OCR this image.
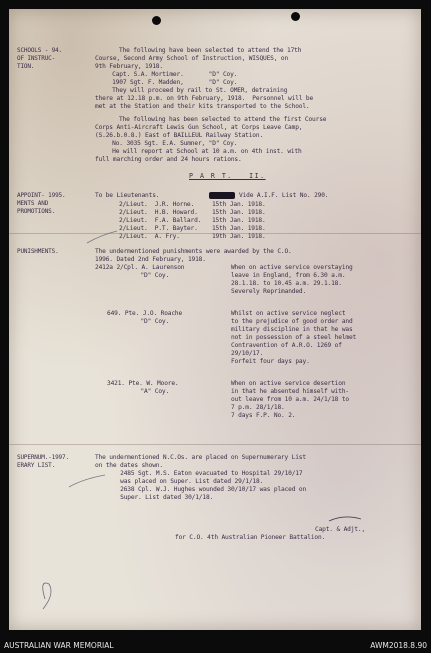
SCHOOLS - 94.
OF INSTRUC-
TION.
The following have been selected to attend the 17th
Course, Second Army School of Instruction, WISQUES, on
9th February, 1918.
Capt. S.A. Mortimer.       "D" Coy.
1907 Sgt. F. Madden,       "D" Coy.
They will proceed by rail to St. OMER, detraining
there at 12.18 p.m. on 9th February, 1918.  Personnel will be
met at the Station and their kits transported to the School.
The following has been selected to attend the first Course
Corps Anti-Aircraft Lewis Gun School, at Corps Leave Camp,
(S.26.b.0.8.) East of BAILLEUL Railway Station.
No. 3035 Sgt. E.A. Sumner, "D" Coy.
He will report at School at 10 a.m. on 4th inst. with
full marching order and 24 hours rations.
P A R T.   II.
APPOINT- 1995.
MENTS AND
PROMOTIONS.
To be Lieutenants.	Vide A.I.F. List No. 290.
2/Lieut.  J.R. Horne.     15th Jan. 1918.
2/Lieut.  H.B. Howard.    15th Jan. 1918.
2/Lieut.  F.A. Ballard.   15th Jan. 1918.
2/Lieut.  P.T. Bayter.    15th Jan. 1918.
2/Lieut.  A. Fry.         19th Jan. 1918.
PUNISHMENTS.	The undermentioned punishments were awarded by the C.O.
1996. Dated 2nd February, 1918.
2412a 2/Cpl. A. Laurenson
"D" Coy.
When on active service overstaying
leave in England, from 6.30 a.m.
28.1.18. to 10.45 a.m. 29.1.18.
Severely Reprimanded.
649. Pte. J.O. Roache
"D" Coy.
Whilst on active service neglect
to the prejudice of good order and
military discipline in that he was
not in possession of a steel helmet
Contravention of A.R.O. 1269 of
29/10/17.
Forfeit four days pay.
3421. Pte. W. Moore.
"A" Coy.
When on active service desertion
in that he absented himself with-
out leave from 10 a.m. 24/1/18 to
7 p.m. 28/1/18.
7 days F.P. No. 2.
SUPERNUM.-1997.
ERARY LIST.
The undermentioned N.C.Os. are placed on Supernumerary List
on the dates shown.
2485 Sgt. M.S. Eaton evacuated to Hospital 29/10/17
was placed on Super. List dated 29/1/18.
2638 Cpl. W.J. Hughes wounded 30/10/17 was placed on
Super. List dated 30/1/18.
Capt. & Adjt.,
for C.O. 4th Australian Pioneer Battalion.
AUSTRALIAN WAR MEMORIAL	AWM2018.8.90
